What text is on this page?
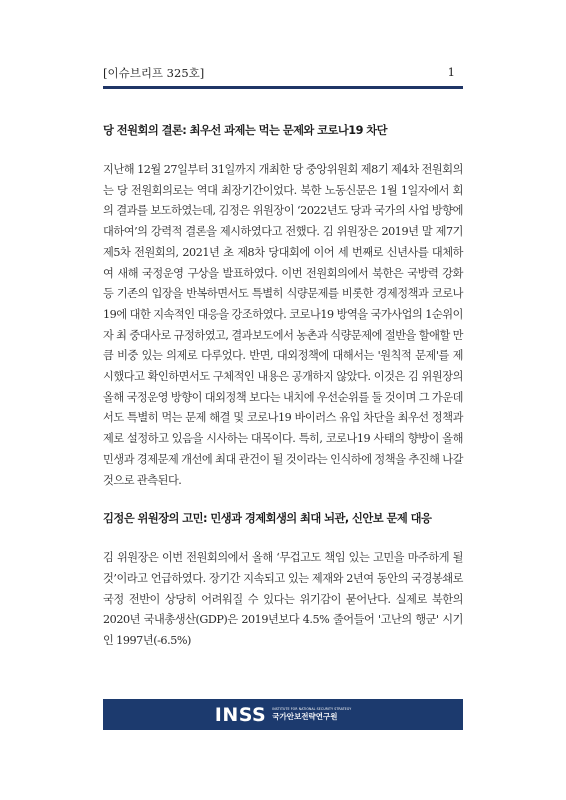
[이슈브리프 325호]	1
당 전원회의 결론: 최우선 과제는 먹는 문제와 코로나19 차단

지난해 12월 27일부터 31일까지 개최한 당 중앙위원회 제8기 제4차 전원회의는 당 전원회의로는 역대 최장기간이었다. 북한 노동신문은 1월 1일자에서 회의 결과를 보도하였는데, 김정은 위원장이 ‘2022년도 당과 국가의 사업 방향에 대하여’의 강력적 결론을 제시하였다고 전했다. 김 위원장은 2019년 말 제7기 제5차 전원회의, 2021년 초 제8차 당대회에 이어 세 번째로 신년사를 대체하여 새해 국정운영 구상을 발표하였다. 이번 전원회의에서 북한은 국방력 강화 등 기존의 입장을 반복하면서도 특별히 식량문제를 비롯한 경제정책과 코로나19에 대한 지속적인 대응을 강조하였다. 코로나19 방역을 국가사업의 1순위이자 최 중대사로 규정하였고, 결과보도에서 농촌과 식량문제에 절반을 할애할 만큼 비중 있는 의제로 다루었다. 반면, 대외정책에 대해서는 '원칙적 문제'를 제시했다고 확인하면서도 구체적인 내용은 공개하지 않았다. 이것은 김 위원장의 올해 국정운영 방향이 대외정책 보다는 내치에 우선순위를 둘 것이며 그 가운데서도 특별히 먹는 문제 해결 및 코로나19 바이러스 유입 차단을 최우선 정책과제로 설정하고 있음을 시사하는 대목이다. 특히, 코로나19 사태의 향방이 올해 민생과 경제문제 개선에 최대 관건이 될 것이라는 인식하에 정책을 추진해 나갈 것으로 관측된다.

김정은 위원장의 고민: 민생과 경제회생의 최대 뇌관, 신안보 문제 대응

김 위원장은 이번 전원회의에서 올해 ‘무겁고도 책임 있는 고민을 마주하게 될 것’이라고 언급하였다. 장기간 지속되고 있는 제재와 2년여 동안의 국경봉쇄로 국정 전반이 상당히 어려워질 수 있다는 위기감이 묻어난다. 실제로 북한의 2020년 국내총생산(GDP)은 2019년보다 4.5% 줄어들어 '고난의 행군' 시기인 1997년(-6.5%)

INSS INSTITUTE FOR NATIONAL SECURITY STRATEGY
국가안보전략연구원
